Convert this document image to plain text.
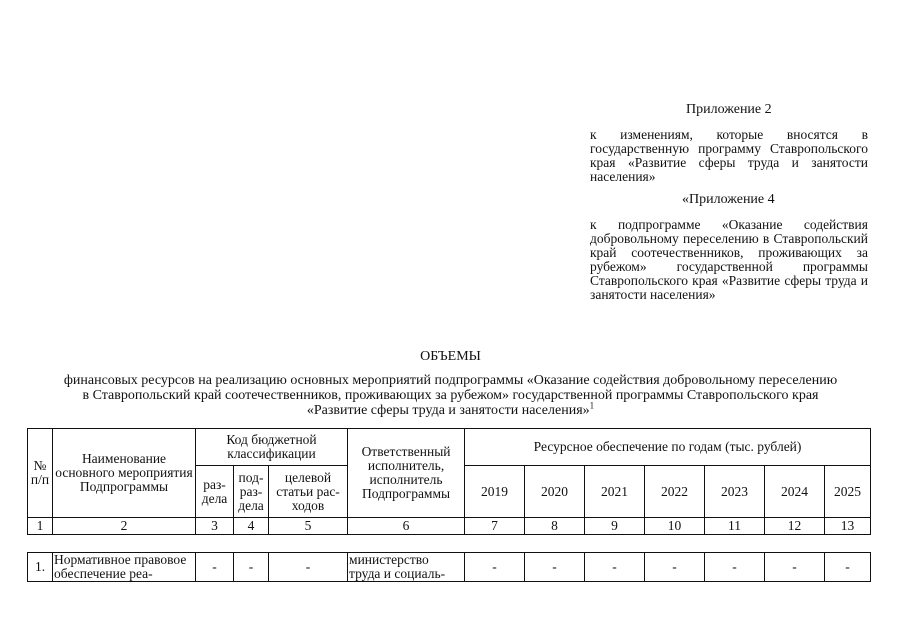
Приложение 2
к изменениям, которые вносятся в государственную программу Ставропольского края «Развитие сферы труда и занятости населения»
«Приложение 4
к подпрограмме «Оказание содействия добровольному переселению в Ставропольский край соотечественников, проживающих за рубежом» государственной программы Ставропольского края «Развитие сферы труда и занятости населения»
ОБЪЕМЫ
финансовых ресурсов на реализацию основных мероприятий подпрограммы «Оказание содействия добровольному переселению
в Ставропольский край соотечественников, проживающих за рубежом» государственной программы Ставропольского края
«Развитие сферы труда и занятости населения»$^1$
№ п/п	Наименование основного мероприятия Подпрограммы	Код бюджетной классификации			Ответственный исполнитель, исполнитель Подпрограммы	Ресурсное обеспечение по годам (тыс. рублей)						
		раз-дела	под-раз-дела	целевой статьи рас-ходов		2019	2020	2021	2022	2023	2024	2025
1	2	3	4	5	6	7	8	9	10	11	12	13

1.	Нормативное правовое обеспечение реа-	-	-	-	министерство труда и социаль-	-	-	-	-	-	-	-
